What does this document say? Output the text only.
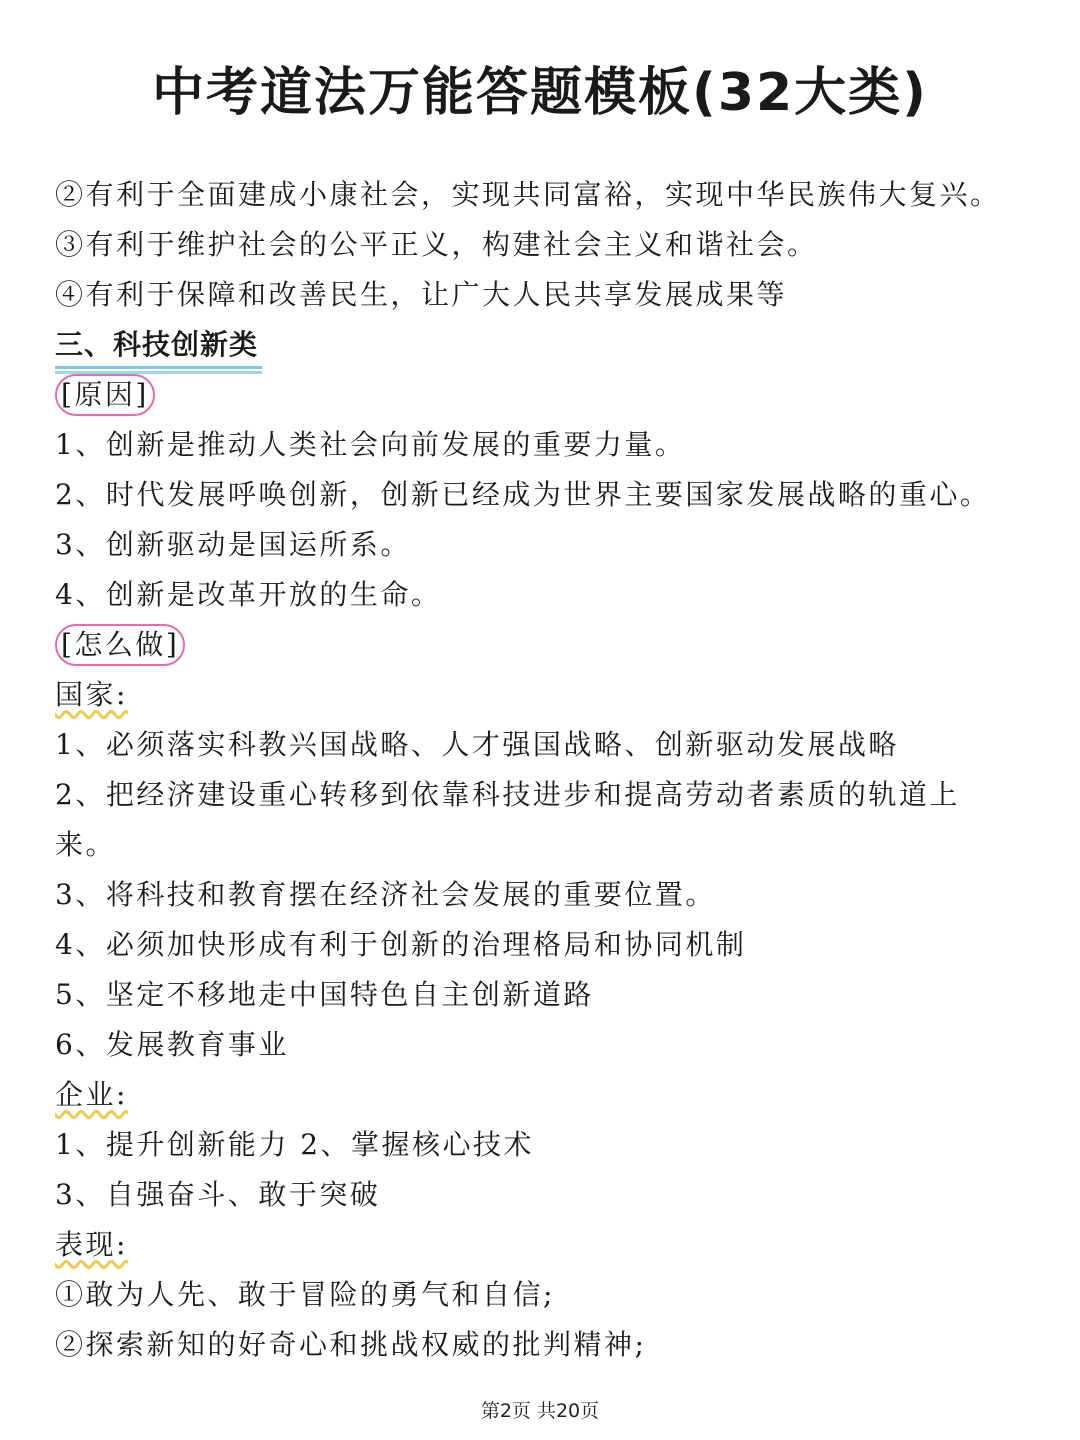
中考道法万能答题模板(32大类)
②有利于全面建成小康社会，实现共同富裕，实现中华民族伟大复兴。
③有利于维护社会的公平正义，构建社会主义和谐社会。
④有利于保障和改善民生，让广大人民共享发展成果等
三、科技创新类
[原因]
1、创新是推动人类社会向前发展的重要力量。
2、时代发展呼唤创新，创新已经成为世界主要国家发展战略的重心。
3、创新驱动是国运所系。
4、创新是改革开放的生命。
[怎么做]
国家:
1、必须落实科教兴国战略、人才强国战略、创新驱动发展战略
2、把经济建设重心转移到依靠科技进步和提高劳动者素质的轨道上
来。
3、将科技和教育摆在经济社会发展的重要位置。
4、必须加快形成有利于创新的治理格局和协同机制
5、坚定不移地走中国特色自主创新道路
6、发展教育事业
企业:
1、提升创新能力 2、掌握核心技术
3、自强奋斗、敢于突破
表现:
①敢为人先、敢于冒险的勇气和自信;
②探索新知的好奇心和挑战权威的批判精神;
第2页 共20页
